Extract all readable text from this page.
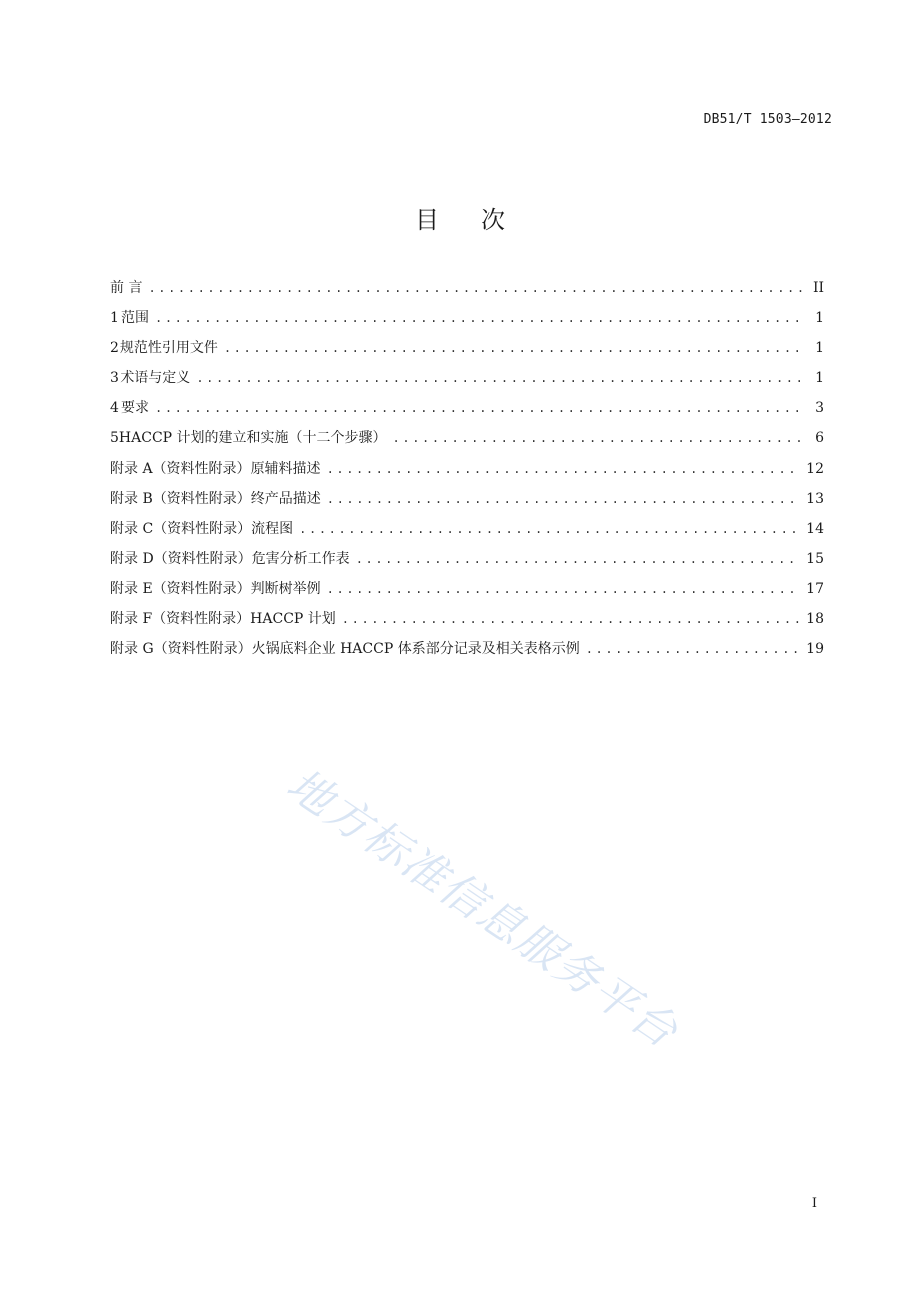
DB51/T 1503—2012
目 次
前 言 .....	II
1 范围 .....	1
2 规范性引用文件 .....	1
3 术语与定义 .....	1
4 要求 .....	3
5 HACCP 计划的建立和实施（十二个步骤） .....	6
附录 A（资料性附录） 原辅料描述 .....	12
附录 B（资料性附录） 终产品描述 .....	13
附录 C（资料性附录） 流程图 .....	14
附录 D（资料性附录） 危害分析工作表 .....	15
附录 E（资料性附录） 判断树举例 .....	17
附录 F（资料性附录） HACCP 计划 .....	18
附录 G（资料性附录） 火锅底料企业 HACCP 体系部分记录及相关表格示例 .....	19
地方标准信息服务平台
I
